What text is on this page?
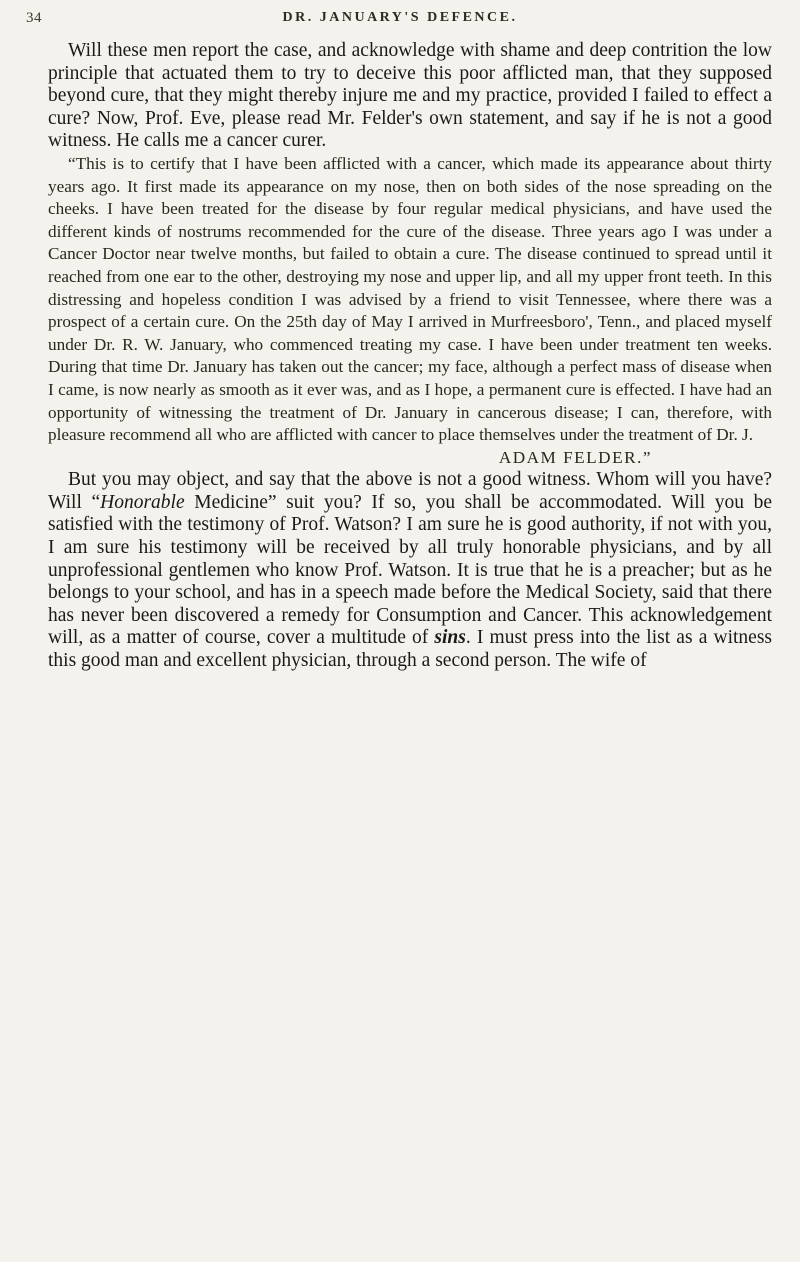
34	DR. JANUARY'S DEFENCE.

Will these men report the case, and acknowledge with shame and deep contrition the low principle that actuated them to try to deceive this poor afflicted man, that they supposed beyond cure, that they might thereby injure me and my practice, provided I failed to effect a cure? Now, Prof. Eve, please read Mr. Felder's own statement, and say if he is not a good witness. He calls me a cancer curer.

“This is to certify that I have been afflicted with a cancer, which made its appearance about thirty years ago. It first made its appearance on my nose, then on both sides of the nose spreading on the cheeks. I have been treated for the disease by four regular medical physicians, and have used the different kinds of nostrums recommended for the cure of the disease. Three years ago I was under a Cancer Doctor near twelve months, but failed to obtain a cure. The disease continued to spread until it reached from one ear to the other, destroying my nose and upper lip, and all my upper front teeth. In this distressing and hopeless condition I was advised by a friend to visit Tennessee, where there was a prospect of a certain cure. On the 25th day of May I arrived in Murfreesboro', Tenn., and placed myself under Dr. R. W. January, who commenced treating my case. I have been under treatment ten weeks. During that time Dr. January has taken out the cancer; my face, although a perfect mass of disease when I came, is now nearly as smooth as it ever was, and as I hope, a permanent cure is effected. I have had an opportunity of witnessing the treatment of Dr. January in cancerous disease; I can, therefore, with pleasure recommend all who are afflicted with cancer to place themselves under the treatment of Dr. J.

ADAM FELDER.”

But you may object, and say that the above is not a good witness. Whom will you have? Will “Honorable Medicine” suit you? If so, you shall be accommodated. Will you be satisfied with the testimony of Prof. Watson? I am sure he is good authority, if not with you, I am sure his testimony will be received by all truly honorable physicians, and by all unprofessional gentlemen who know Prof. Watson. It is true that he is a preacher; but as he belongs to your school, and has in a speech made before the Medical Society, said that there has never been discovered a remedy for Consumption and Cancer. This acknowledgement will, as a matter of course, cover a multitude of sins. I must press into the list as a witness this good man and excellent physician, through a second person. The wife of
